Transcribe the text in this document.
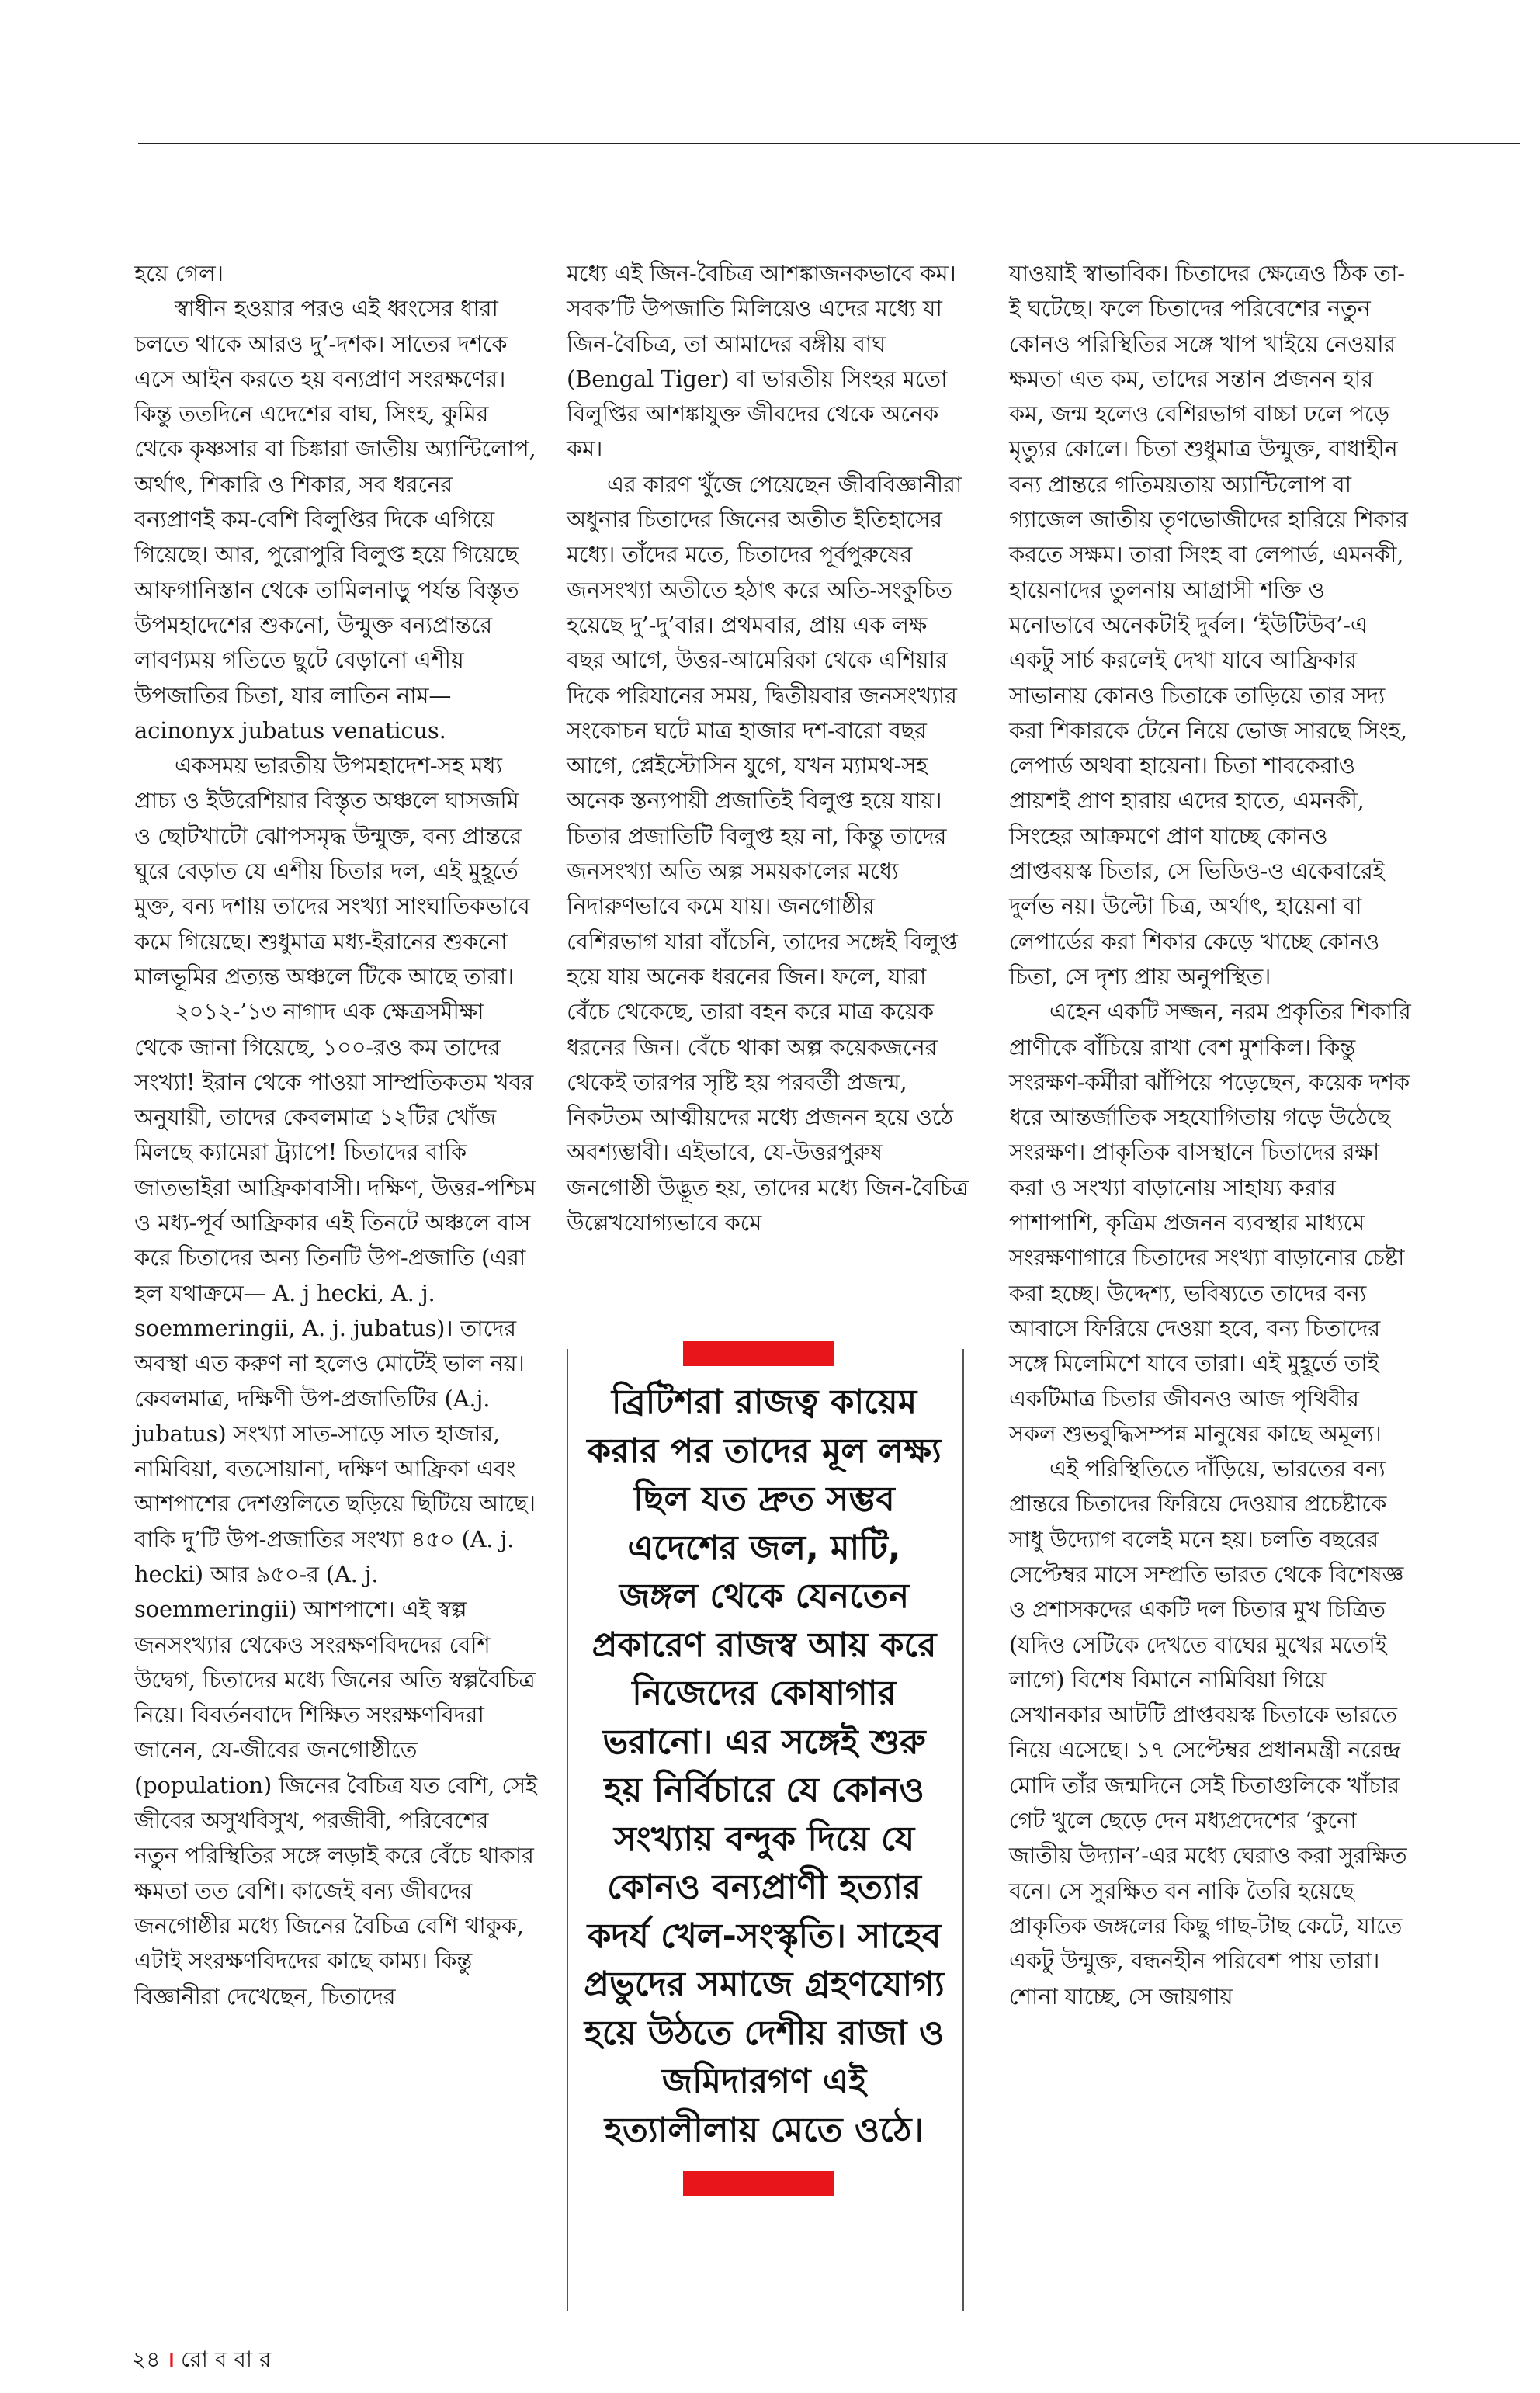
হয়ে গেল।

স্বাধীন হওয়ার পরও এই ধ্বংসের ধারা চলতে থাকে আরও দু’-দশক। সাতের দশকে এসে আইন করতে হয় বন্যপ্রাণ সংরক্ষণের। কিন্তু ততদিনে এদেশের বাঘ, সিংহ, কুমির থেকে কৃষ্ণসার বা চিঙ্কারা জাতীয় অ্যান্টিলোপ, অর্থাৎ, শিকারি ও শিকার, সব ধরনের বন্যপ্রাণই কম-বেশি বিলুপ্তির দিকে এগিয়ে গিয়েছে। আর, পুরোপুরি বিলুপ্ত হয়ে গিয়েছে আফগানিস্তান থেকে তামিলনাড়ু পর্যন্ত বিস্তৃত উপমহাদেশের শুকনো, উন্মুক্ত বন্যপ্রান্তরে লাবণ্যময় গতিতে ছুটে বেড়ানো এশীয় উপজাতির চিতা, যার লাতিন নাম— acinonyx jubatus venaticus.

একসময় ভারতীয় উপমহাদেশ-সহ মধ্য প্রাচ্য ও ইউরেশিয়ার বিস্তৃত অঞ্চলে ঘাসজমি ও ছোটখাটো ঝোপসমৃদ্ধ উন্মুক্ত, বন্য প্রান্তরে ঘুরে বেড়াত যে এশীয় চিতার দল, এই মুহূর্তে মুক্ত, বন্য দশায় তাদের সংখ্যা সাংঘাতিকভাবে কমে গিয়েছে। শুধুমাত্র মধ্য-ইরানের শুকনো মালভূমির প্রত্যন্ত অঞ্চলে টিকে আছে তারা।

২০১২-’১৩ নাগাদ এক ক্ষেত্রসমীক্ষা থেকে জানা গিয়েছে, ১০০-রও কম তাদের সংখ্যা! ইরান থেকে পাওয়া সাম্প্রতিকতম খবর অনুযায়ী, তাদের কেবলমাত্র ১২টির খোঁজ মিলছে ক্যামেরা ট্র্যাপে! চিতাদের বাকি জাতভাইরা আফ্রিকাবাসী। দক্ষিণ, উত্তর-পশ্চিম ও মধ্য-পূর্ব আফ্রিকার এই তিনটে অঞ্চলে বাস করে চিতাদের অন্য তিনটি উপ-প্রজাতি (এরা হল যথাক্রমে— A. j hecki, A. j. soemmeringii, A. j. jubatus)। তাদের অবস্থা এত করুণ না হলেও মোটেই ভাল নয়। কেবলমাত্র, দক্ষিণী উপ-প্রজাতিটির (A.j. jubatus) সংখ্যা সাত-সাড়ে সাত হাজার, নামিবিয়া, বতসোয়ানা, দক্ষিণ আফ্রিকা এবং আশপাশের দেশগুলিতে ছড়িয়ে ছিটিয়ে আছে। বাকি দু’টি উপ-প্রজাতির সংখ্যা ৪৫০ (A. j. hecki) আর ৯৫০-র (A. j. soemmeringii) আশপাশে। এই স্বল্প জনসংখ্যার থেকেও সংরক্ষণবিদদের বেশি উদ্বেগ, চিতাদের মধ্যে জিনের অতি স্বল্পবৈচিত্র নিয়ে। বিবর্তনবাদে শিক্ষিত সংরক্ষণবিদরা জানেন, যে-জীবের জনগোষ্ঠীতে (population) জিনের বৈচিত্র যত বেশি, সেই জীবের অসুখবিসুখ, পরজীবী, পরিবেশের নতুন পরিস্থিতির সঙ্গে লড়াই করে বেঁচে থাকার ক্ষমতা তত বেশি। কাজেই বন্য জীবদের জনগোষ্ঠীর মধ্যে জিনের বৈচিত্র বেশি থাকুক, এটাই সংরক্ষণবিদদের কাছে কাম্য। কিন্তু বিজ্ঞানীরা দেখেছেন, চিতাদের

মধ্যে এই জিন-বৈচিত্র আশঙ্কাজনকভাবে কম। সবক’টি উপজাতি মিলিয়েও এদের মধ্যে যা জিন-বৈচিত্র, তা আমাদের বঙ্গীয় বাঘ (Bengal Tiger) বা ভারতীয় সিংহর মতো বিলুপ্তির আশঙ্কাযুক্ত জীবদের থেকে অনেক কম।

এর কারণ খুঁজে পেয়েছেন জীববিজ্ঞানীরা অধুনার চিতাদের জিনের অতীত ইতিহাসের মধ্যে। তাঁদের মতে, চিতাদের পূর্বপুরুষের জনসংখ্যা অতীতে হঠাৎ করে অতি-সংকুচিত হয়েছে দু’-দু’বার। প্রথমবার, প্রায় এক লক্ষ বছর আগে, উত্তর-আমেরিকা থেকে এশিয়ার দিকে পরিযানের সময়, দ্বিতীয়বার জনসংখ্যার সংকোচন ঘটে মাত্র হাজার দশ-বারো বছর আগে, প্লেইস্টোসিন যুগে, যখন ম্যামথ-সহ অনেক স্তন্যপায়ী প্রজাতিই বিলুপ্ত হয়ে যায়। চিতার প্রজাতিটি বিলুপ্ত হয় না, কিন্তু তাদের জনসংখ্যা অতি অল্প সময়কালের মধ্যে নিদারুণভাবে কমে যায়। জনগোষ্ঠীর বেশিরভাগ যারা বাঁচেনি, তাদের সঙ্গেই বিলুপ্ত হয়ে যায় অনেক ধরনের জিন। ফলে, যারা বেঁচে থেকেছে, তারা বহন করে মাত্র কয়েক ধরনের জিন। বেঁচে থাকা অল্প কয়েকজনের থেকেই তারপর সৃষ্টি হয় পরবর্তী প্রজন্ম, নিকটতম আত্মীয়দের মধ্যে প্রজনন হয়ে ওঠে অবশ্যম্ভাবী। এইভাবে, যে-উত্তরপুরুষ জনগোষ্ঠী উদ্ভূত হয়, তাদের মধ্যে জিন-বৈচিত্র উল্লেখযোগ্যভাবে কমে

ব্রিটিশরা রাজত্ব কায়েম করার পর তাদের মূল লক্ষ্য ছিল যত দ্রুত সম্ভব এদেশের জল, মাটি, জঙ্গল থেকে যেনতেন প্রকারেণ রাজস্ব আয় করে নিজেদের কোষাগার ভরানো। এর সঙ্গেই শুরু হয় নির্বিচারে যে কোনও সংখ্যায় বন্দুক দিয়ে যে কোনও বন্যপ্রাণী হত্যার কদর্য খেল-সংস্কৃতি। সাহেব প্রভুদের সমাজে গ্রহণযোগ্য হয়ে উঠতে দেশীয় রাজা ও জমিদারগণ এই হত্যালীলায় মেতে ওঠে।

যাওয়াই স্বাভাবিক। চিতাদের ক্ষেত্রেও ঠিক তা-ই ঘটেছে। ফলে চিতাদের পরিবেশের নতুন কোনও পরিস্থিতির সঙ্গে খাপ খাইয়ে নেওয়ার ক্ষমতা এত কম, তাদের সন্তান প্রজনন হার কম, জন্ম হলেও বেশিরভাগ বাচ্চা ঢলে পড়ে মৃত্যুর কোলে। চিতা শুধুমাত্র উন্মুক্ত, বাধাহীন বন্য প্রান্তরে গতিময়তায় অ্যান্টিলোপ বা গ্যাজেল জাতীয় তৃণভোজীদের হারিয়ে শিকার করতে সক্ষম। তারা সিংহ বা লেপার্ড, এমনকী, হায়েনাদের তুলনায় আগ্রাসী শক্তি ও মনোভাবে অনেকটাই দুর্বল। ‘ইউটিউব’-এ একটু সার্চ করলেই দেখা যাবে আফ্রিকার সাভানায় কোনও চিতাকে তাড়িয়ে তার সদ্য করা শিকারকে টেনে নিয়ে ভোজ সারছে সিংহ, লেপার্ড অথবা হায়েনা। চিতা শাবকেরাও প্রায়শই প্রাণ হারায় এদের হাতে, এমনকী, সিংহের আক্রমণে প্রাণ যাচ্ছে কোনও প্রাপ্তবয়স্ক চিতার, সে ভিডিও-ও একেবারেই দুর্লভ নয়। উল্টো চিত্র, অর্থাৎ, হায়েনা বা লেপার্ডের করা শিকার কেড়ে খাচ্ছে কোনও চিতা, সে দৃশ্য প্রায় অনুপস্থিত।

এহেন একটি সজ্জন, নরম প্রকৃতির শিকারি প্রাণীকে বাঁচিয়ে রাখা বেশ মুশকিল। কিন্তু সংরক্ষণ-কর্মীরা ঝাঁপিয়ে পড়েছেন, কয়েক দশক ধরে আন্তর্জাতিক সহযোগিতায় গড়ে উঠেছে সংরক্ষণ। প্রাকৃতিক বাসস্থানে চিতাদের রক্ষা করা ও সংখ্যা বাড়ানোয় সাহায্য করার পাশাপাশি, কৃত্রিম প্রজনন ব্যবস্থার মাধ্যমে সংরক্ষণাগারে চিতাদের সংখ্যা বাড়ানোর চেষ্টা করা হচ্ছে। উদ্দেশ্য, ভবিষ্যতে তাদের বন্য আবাসে ফিরিয়ে দেওয়া হবে, বন্য চিতাদের সঙ্গে মিলেমিশে যাবে তারা। এই মুহূর্তে তাই একটিমাত্র চিতার জীবনও আজ পৃথিবীর সকল শুভবুদ্ধিসম্পন্ন মানুষের কাছে অমূল্য।

এই পরিস্থিতিতে দাঁড়িয়ে, ভারতের বন্য প্রান্তরে চিতাদের ফিরিয়ে দেওয়ার প্রচেষ্টাকে সাধু উদ্যোগ বলেই মনে হয়। চলতি বছরের সেপ্টেম্বর মাসে সম্প্রতি ভারত থেকে বিশেষজ্ঞ ও প্রশাসকদের একটি দল চিতার মুখ চিত্রিত (যদিও সেটিকে দেখতে বাঘের মুখের মতোই লাগে) বিশেষ বিমানে নামিবিয়া গিয়ে সেখানকার আটটি প্রাপ্তবয়স্ক চিতাকে ভারতে নিয়ে এসেছে। ১৭ সেপ্টেম্বর প্রধানমন্ত্রী নরেন্দ্র মোদি তাঁর জন্মদিনে সেই চিতাগুলিকে খাঁচার গেট খুলে ছেড়ে দেন মধ্যপ্রদেশের ‘কুনো জাতীয় উদ্যান’-এর মধ্যে ঘেরাও করা সুরক্ষিত বনে। সে সুরক্ষিত বন নাকি তৈরি হয়েছে প্রাকৃতিক জঙ্গলের কিছু গাছ-টাছ কেটে, যাতে একটু উন্মুক্ত, বন্ধনহীন পরিবেশ পায় তারা। শোনা যাচ্ছে, সে জায়গায়

২৪ । রো ব বা র
